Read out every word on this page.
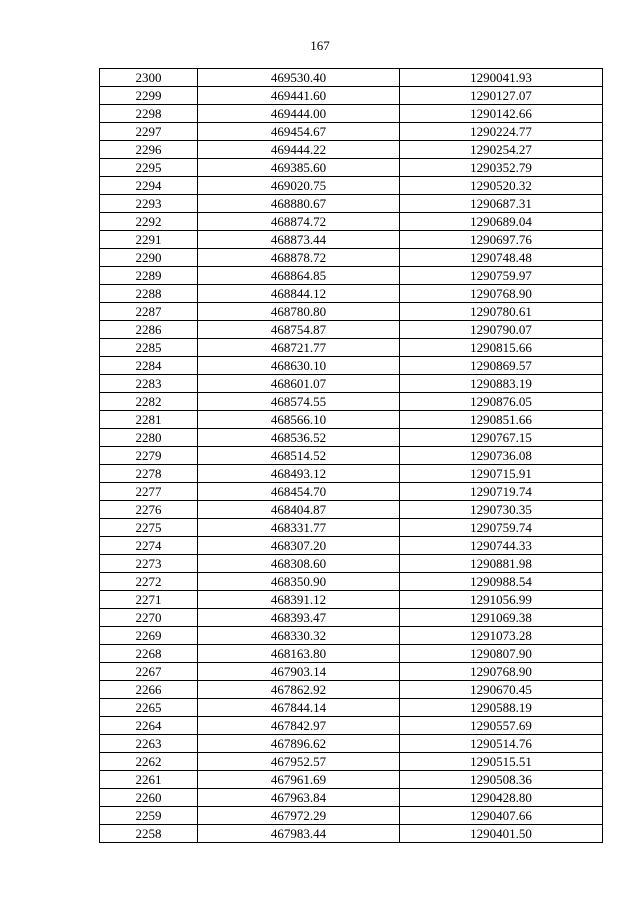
167
2300	469530.40	1290041.93
2299	469441.60	1290127.07
2298	469444.00	1290142.66
2297	469454.67	1290224.77
2296	469444.22	1290254.27
2295	469385.60	1290352.79
2294	469020.75	1290520.32
2293	468880.67	1290687.31
2292	468874.72	1290689.04
2291	468873.44	1290697.76
2290	468878.72	1290748.48
2289	468864.85	1290759.97
2288	468844.12	1290768.90
2287	468780.80	1290780.61
2286	468754.87	1290790.07
2285	468721.77	1290815.66
2284	468630.10	1290869.57
2283	468601.07	1290883.19
2282	468574.55	1290876.05
2281	468566.10	1290851.66
2280	468536.52	1290767.15
2279	468514.52	1290736.08
2278	468493.12	1290715.91
2277	468454.70	1290719.74
2276	468404.87	1290730.35
2275	468331.77	1290759.74
2274	468307.20	1290744.33
2273	468308.60	1290881.98
2272	468350.90	1290988.54
2271	468391.12	1291056.99
2270	468393.47	1291069.38
2269	468330.32	1291073.28
2268	468163.80	1290807.90
2267	467903.14	1290768.90
2266	467862.92	1290670.45
2265	467844.14	1290588.19
2264	467842.97	1290557.69
2263	467896.62	1290514.76
2262	467952.57	1290515.51
2261	467961.69	1290508.36
2260	467963.84	1290428.80
2259	467972.29	1290407.66
2258	467983.44	1290401.50
